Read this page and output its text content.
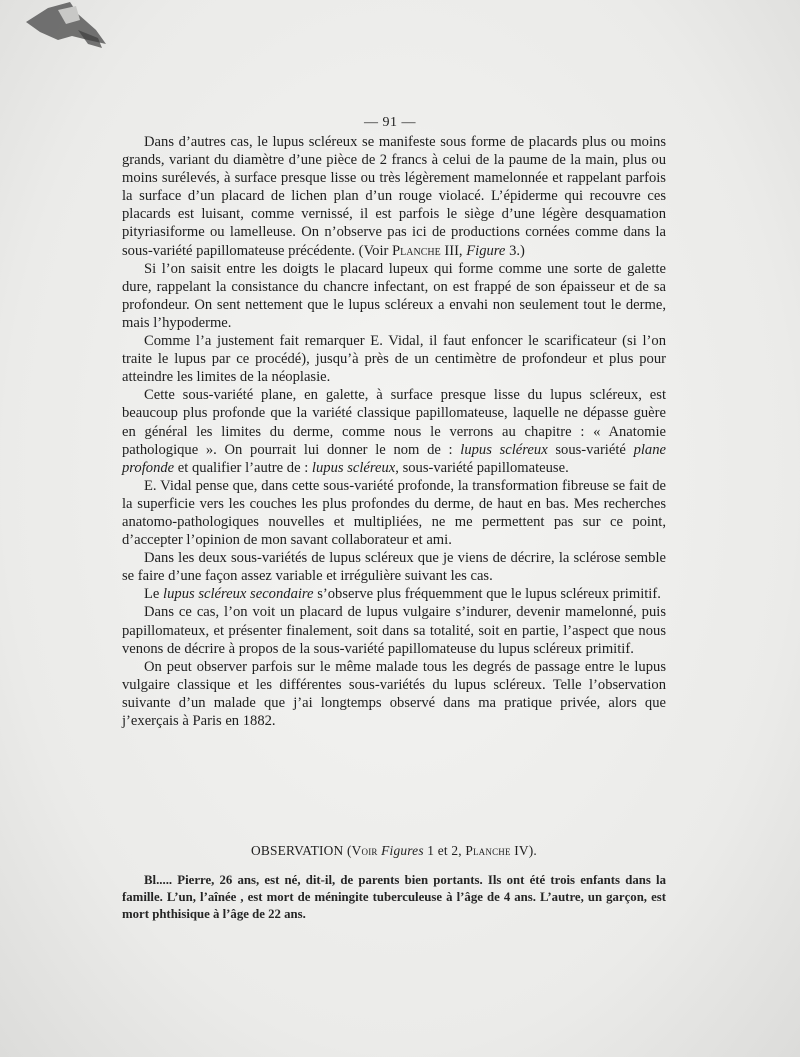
— 91 —

Dans d’autres cas, le lupus scléreux se manifeste sous forme de placards plus ou moins grands, variant du diamètre d’une pièce de 2 francs à celui de la paume de la main, plus ou moins surélevés, à surface presque lisse ou très légèrement mamelonnée et rappelant parfois la surface d’un placard de lichen plan d’un rouge violacé. L’épiderme qui recouvre ces placards est luisant, comme vernissé, il est parfois le siège d’une légère desquamation pityriasiforme ou lamelleuse. On n’observe pas ici de productions cornées comme dans la sous-variété papillomateuse précédente. (Voir Planche III, Figure 3.)

Si l’on saisit entre les doigts le placard lupeux qui forme comme une sorte de galette dure, rappelant la consistance du chancre infectant, on est frappé de son épaisseur et de sa profondeur. On sent nettement que le lupus scléreux a envahi non seulement tout le derme, mais l’hypoderme.

Comme l’a justement fait remarquer E. Vidal, il faut enfoncer le scarificateur (si l’on traite le lupus par ce procédé), jusqu’à près de un centimètre de profondeur et plus pour atteindre les limites de la néoplasie.

Cette sous-variété plane, en galette, à surface presque lisse du lupus scléreux, est beaucoup plus profonde que la variété classique papillomateuse, laquelle ne dépasse guère en général les limites du derme, comme nous le verrons au chapitre : « Anatomie pathologique ». On pourrait lui donner le nom de : lupus scléreux sous-variété plane profonde et qualifier l’autre de : lupus scléreux, sous-variété papillomateuse.

E. Vidal pense que, dans cette sous-variété profonde, la transformation fibreuse se fait de la superficie vers les couches les plus profondes du derme, de haut en bas. Mes recherches anatomo-pathologiques nouvelles et multipliées, ne me permettent pas sur ce point, d’accepter l’opinion de mon savant collaborateur et ami.

Dans les deux sous-variétés de lupus scléreux que je viens de décrire, la sclérose semble se faire d’une façon assez variable et irrégulière suivant les cas.

Le lupus scléreux secondaire s’observe plus fréquemment que le lupus scléreux primitif.

Dans ce cas, l’on voit un placard de lupus vulgaire s’indurer, devenir mamelonné, puis papillomateux, et présenter finalement, soit dans sa totalité, soit en partie, l’aspect que nous venons de décrire à propos de la sous-variété papillomateuse du lupus scléreux primitif.

On peut observer parfois sur le même malade tous les degrés de passage entre le lupus vulgaire classique et les différentes sous-variétés du lupus scléreux. Telle l’observation suivante d’un malade que j’ai longtemps observé dans ma pratique privée, alors que j’exerçais à Paris en 1882.

OBSERVATION (Voir Figures 1 et 2, Planche IV).

Bl..... Pierre, 26 ans, est né, dit-il, de parents bien portants. Ils ont été trois enfants dans la famille. L’un, l’aînée , est mort de méningite tuberculeuse à l’âge de 4 ans. L’autre, un garçon, est mort phthisique à l’âge de 22 ans.
